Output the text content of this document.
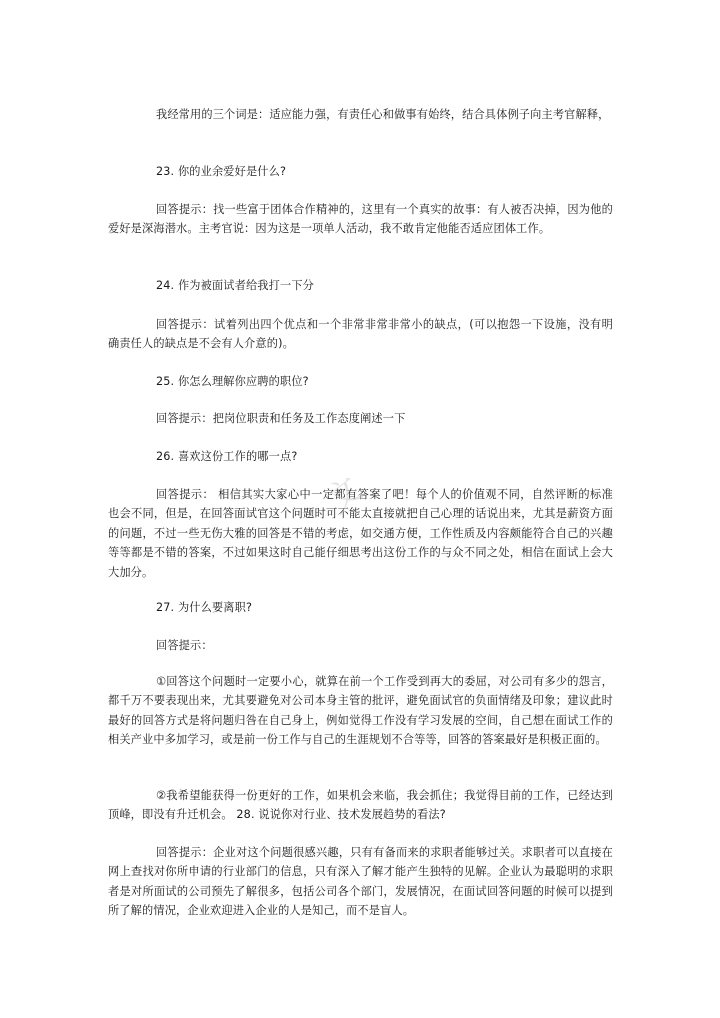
我经常用的三个词是：适应能力强，有责任心和做事有始终，结合具体例子向主考官解释，

23. 你的业余爱好是什么?

回答提示：找一些富于团体合作精神的，这里有一个真实的故事：有人被否决掉，因为他的爱好是深海潜水。主考官说：因为这是一项单人活动，我不敢肯定他能否适应团体工作。

24. 作为被面试者给我打一下分

回答提示：试着列出四个优点和一个非常非常非常小的缺点，(可以抱怨一下设施，没有明确责任人的缺点是不会有人介意的)。

25. 你怎么理解你应聘的职位?

回答提示：把岗位职责和任务及工作态度阐述一下

26. 喜欢这份工作的哪一点?

回答提示： 相信其实大家心中一定都有答案了吧！每个人的价值观不同，自然评断的标准也会不同，但是，在回答面试官这个问题时可不能太直接就把自己心理的话说出来，尤其是薪资方面的问题，不过一些无伤大雅的回答是不错的考虑，如交通方便，工作性质及内容颇能符合自己的兴趣等等都是不错的答案，不过如果这时自己能仔细思考出这份工作的与众不同之处，相信在面试上会大大加分。

27. 为什么要离职?

回答提示：

①回答这个问题时一定要小心，就算在前一个工作受到再大的委屈，对公司有多少的怨言，都千万不要表现出来，尤其要避免对公司本身主管的批评，避免面试官的负面情绪及印象；建议此时最好的回答方式是将问题归咎在自己身上，例如觉得工作没有学习发展的空间，自己想在面试工作的相关产业中多加学习，或是前一份工作与自己的生涯规划不合等等，回答的答案最好是积极正面的。

②我希望能获得一份更好的工作，如果机会来临，我会抓住；我觉得目前的工作，已经达到顶峰，即没有升迁机会。 28. 说说你对行业、技术发展趋势的看法?

回答提示：企业对这个问题很感兴趣，只有有备而来的求职者能够过关。求职者可以直接在网上查找对你所申请的行业部门的信息，只有深入了解才能产生独特的见解。企业认为最聪明的求职者是对所面试的公司预先了解很多，包括公司各个部门，发展情况，在面试回答问题的时候可以提到所了解的情况，企业欢迎进入企业的人是知己，而不是盲人。

文
